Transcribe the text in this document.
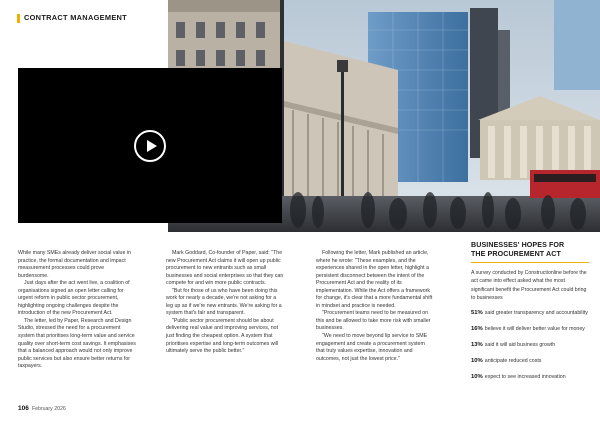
CONTRACT MANAGEMENT

While many SMEs already deliver social value in practice, the formal documentation and impact measurement processes could prove burdensome.

Just days after the act went live, a coalition of organisations signed an open letter calling for urgent reform in public sector procurement, highlighting ongoing challenges despite the introduction of the new Procurement Act.

The letter, led by Paper, Research and Design Studio, stressed the need for a procurement system that prioritises long-term value and service quality over short-term cost savings. It emphasises that a balanced approach would not only improve public services but also ensure better returns for taxpayers.

Mark Goddard, Co-founder of Paper, said: "The new Procurement Act claims it will open up public procurement to new entrants such as small businesses and social enterprises so that they can compete for and win more public contracts.

"But for those of us who have been doing this work for nearly a decade, we're not asking for a leg up as if we're new entrants. We're asking for a system that's fair and transparent.

"Public sector procurement should be about delivering real value and improving services, not just finding the cheapest option. A system that prioritises expertise and long-term outcomes will ultimately serve the public better."

Following the letter, Mark published an article, where he wrote: "These examples, and the experiences shared in the open letter, highlight a persistent disconnect between the intent of the Procurement Act and the reality of its implementation. While the Act offers a framework for change, it's clear that a more fundamental shift in mindset and practice is needed.

"Procurement teams need to be measured on this and be allowed to take more risk with smaller businesses.

"We need to move beyond lip service to SME engagement and create a procurement system that truly values expertise, innovation and outcomes, not just the lowest price."

106 February 2026
BUSINESSES' HOPES FOR
THE PROCUREMENT ACT
A survey conducted by Constructionline before the act came into effect asked what the most significant benefit the Procurement Act could bring to businesses
51% said greater transparency and accountability
16% believe it will deliver better value for money
13% said it will aid business growth
10% anticipate reduced costs
10% expect to see increased innovation
